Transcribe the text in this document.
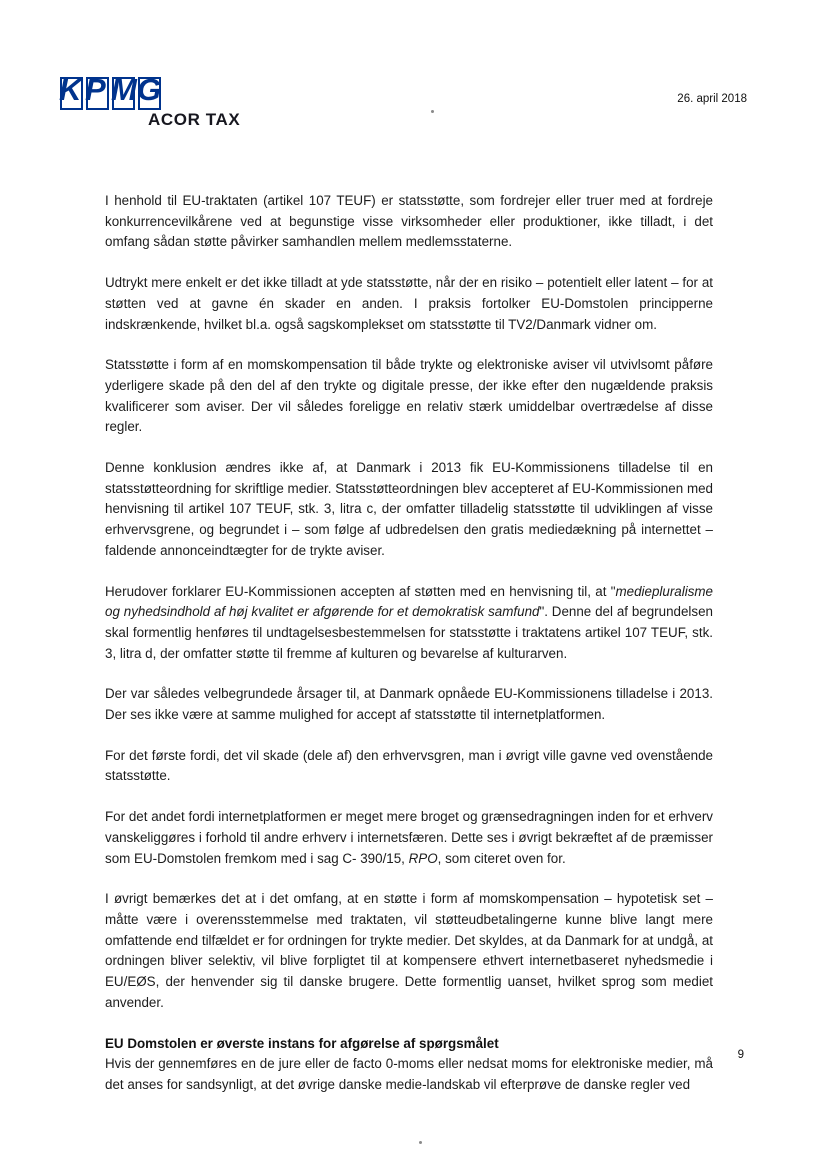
K P M G
ACOR TAX
26. april 2018

I henhold til EU-traktaten (artikel 107 TEUF) er statsstøtte, som fordrejer eller truer med at fordreje konkurrencevilkårene ved at begunstige visse virksomheder eller produktioner, ikke tilladt, i det omfang sådan støtte påvirker samhandlen mellem medlemsstaterne.

Udtrykt mere enkelt er det ikke tilladt at yde statsstøtte, når der en risiko – potentielt eller latent – for at støtten ved at gavne én skader en anden. I praksis fortolker EU-Domstolen principperne indskrænkende, hvilket bl.a. også sagskomplekset om statsstøtte til TV2/Danmark vidner om.

Statsstøtte i form af en momskompensation til både trykte og elektroniske aviser vil utvivlsomt påføre yderligere skade på den del af den trykte og digitale presse, der ikke efter den nugældende praksis kvalificerer som aviser. Der vil således foreligge en relativ stærk umiddelbar overtrædelse af disse regler.

Denne konklusion ændres ikke af, at Danmark i 2013 fik EU-Kommissionens tilladelse til en statsstøtteordning for skriftlige medier. Statsstøtteordningen blev accepteret af EU-Kommissionen med henvisning til artikel 107 TEUF, stk. 3, litra c, der omfatter tilladelig statsstøtte til udviklingen af visse erhvervsgrene, og begrundet i – som følge af udbredelsen den gratis mediedækning på internettet – faldende annonceindtægter for de trykte aviser.

Herudover forklarer EU-Kommissionen accepten af støtten med en henvisning til, at "mediepluralisme og nyhedsindhold af høj kvalitet er afgørende for et demokratisk samfund". Denne del af begrundelsen skal formentlig henføres til undtagelsesbestemmelsen for statsstøtte i traktatens artikel 107 TEUF, stk. 3, litra d, der omfatter støtte til fremme af kulturen og bevarelse af kulturarven.

Der var således velbegrundede årsager til, at Danmark opnåede EU-Kommissionens tilladelse i 2013. Der ses ikke være at samme mulighed for accept af statsstøtte til internetplatformen.

For det første fordi, det vil skade (dele af) den erhvervsgren, man i øvrigt ville gavne ved ovenstående statsstøtte.

For det andet fordi internetplatformen er meget mere broget og grænsedragningen inden for et erhverv vanskeliggøres i forhold til andre erhverv i internetsfæren. Dette ses i øvrigt bekræftet af de præmisser som EU-Domstolen fremkom med i sag C- 390/15, RPO, som citeret oven for.

I øvrigt bemærkes det at i det omfang, at en støtte i form af momskompensation – hypotetisk set – måtte være i overensstemmelse med traktaten, vil støtteudbetalingerne kunne blive langt mere omfattende end tilfældet er for ordningen for trykte medier. Det skyldes, at da Danmark for at undgå, at ordningen bliver selektiv, vil blive forpligtet til at kompensere ethvert internetbaseret nyhedsmedie i EU/EØS, der henvender sig til danske brugere. Dette formentlig uanset, hvilket sprog som mediet anvender.

EU Domstolen er øverste instans for afgørelse af spørgsmålet

Hvis der gennemføres en de jure eller de facto 0-moms eller nedsat moms for elektroniske medier, må det anses for sandsynligt, at det øvrige danske medie-landskab vil efterprøve de danske regler ved

9
